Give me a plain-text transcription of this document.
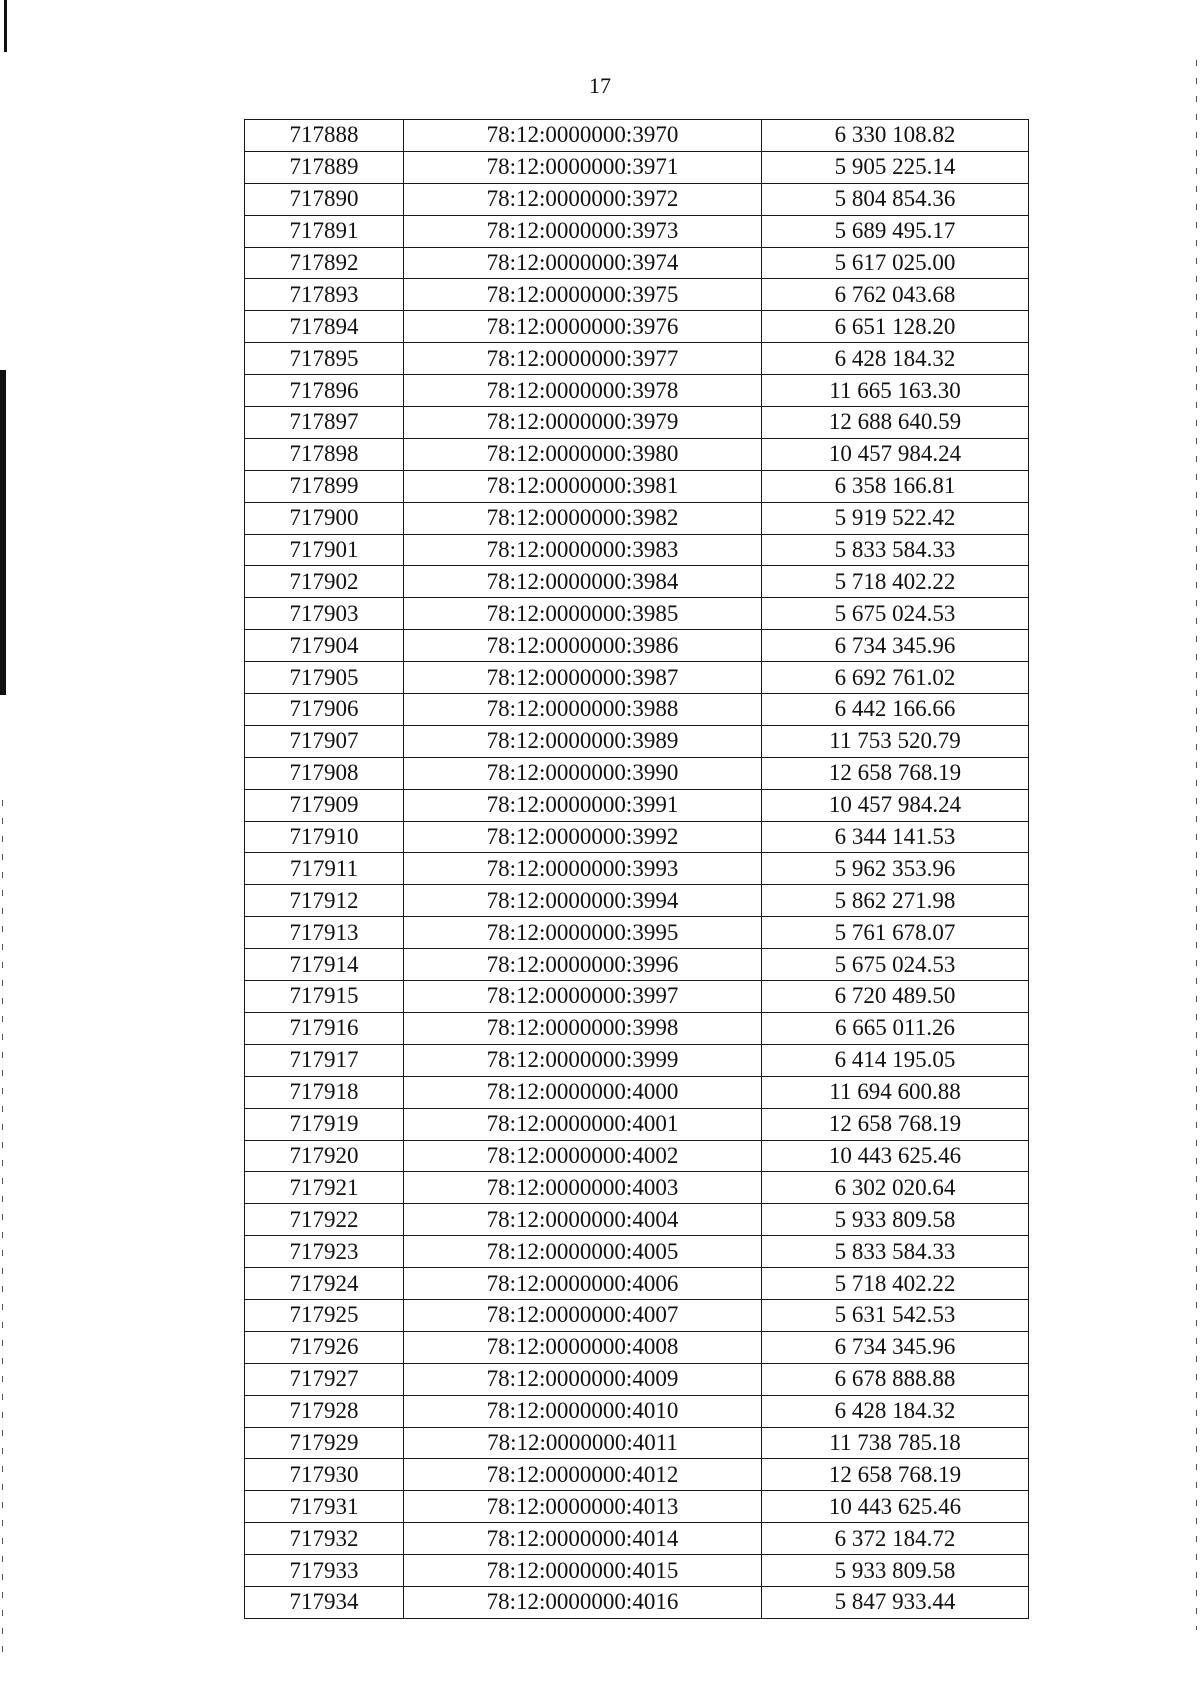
17
717888	78:12:0000000:3970	6 330 108.82
717889	78:12:0000000:3971	5 905 225.14
717890	78:12:0000000:3972	5 804 854.36
717891	78:12:0000000:3973	5 689 495.17
717892	78:12:0000000:3974	5 617 025.00
717893	78:12:0000000:3975	6 762 043.68
717894	78:12:0000000:3976	6 651 128.20
717895	78:12:0000000:3977	6 428 184.32
717896	78:12:0000000:3978	11 665 163.30
717897	78:12:0000000:3979	12 688 640.59
717898	78:12:0000000:3980	10 457 984.24
717899	78:12:0000000:3981	6 358 166.81
717900	78:12:0000000:3982	5 919 522.42
717901	78:12:0000000:3983	5 833 584.33
717902	78:12:0000000:3984	5 718 402.22
717903	78:12:0000000:3985	5 675 024.53
717904	78:12:0000000:3986	6 734 345.96
717905	78:12:0000000:3987	6 692 761.02
717906	78:12:0000000:3988	6 442 166.66
717907	78:12:0000000:3989	11 753 520.79
717908	78:12:0000000:3990	12 658 768.19
717909	78:12:0000000:3991	10 457 984.24
717910	78:12:0000000:3992	6 344 141.53
717911	78:12:0000000:3993	5 962 353.96
717912	78:12:0000000:3994	5 862 271.98
717913	78:12:0000000:3995	5 761 678.07
717914	78:12:0000000:3996	5 675 024.53
717915	78:12:0000000:3997	6 720 489.50
717916	78:12:0000000:3998	6 665 011.26
717917	78:12:0000000:3999	6 414 195.05
717918	78:12:0000000:4000	11 694 600.88
717919	78:12:0000000:4001	12 658 768.19
717920	78:12:0000000:4002	10 443 625.46
717921	78:12:0000000:4003	6 302 020.64
717922	78:12:0000000:4004	5 933 809.58
717923	78:12:0000000:4005	5 833 584.33
717924	78:12:0000000:4006	5 718 402.22
717925	78:12:0000000:4007	5 631 542.53
717926	78:12:0000000:4008	6 734 345.96
717927	78:12:0000000:4009	6 678 888.88
717928	78:12:0000000:4010	6 428 184.32
717929	78:12:0000000:4011	11 738 785.18
717930	78:12:0000000:4012	12 658 768.19
717931	78:12:0000000:4013	10 443 625.46
717932	78:12:0000000:4014	6 372 184.72
717933	78:12:0000000:4015	5 933 809.58
717934	78:12:0000000:4016	5 847 933.44
